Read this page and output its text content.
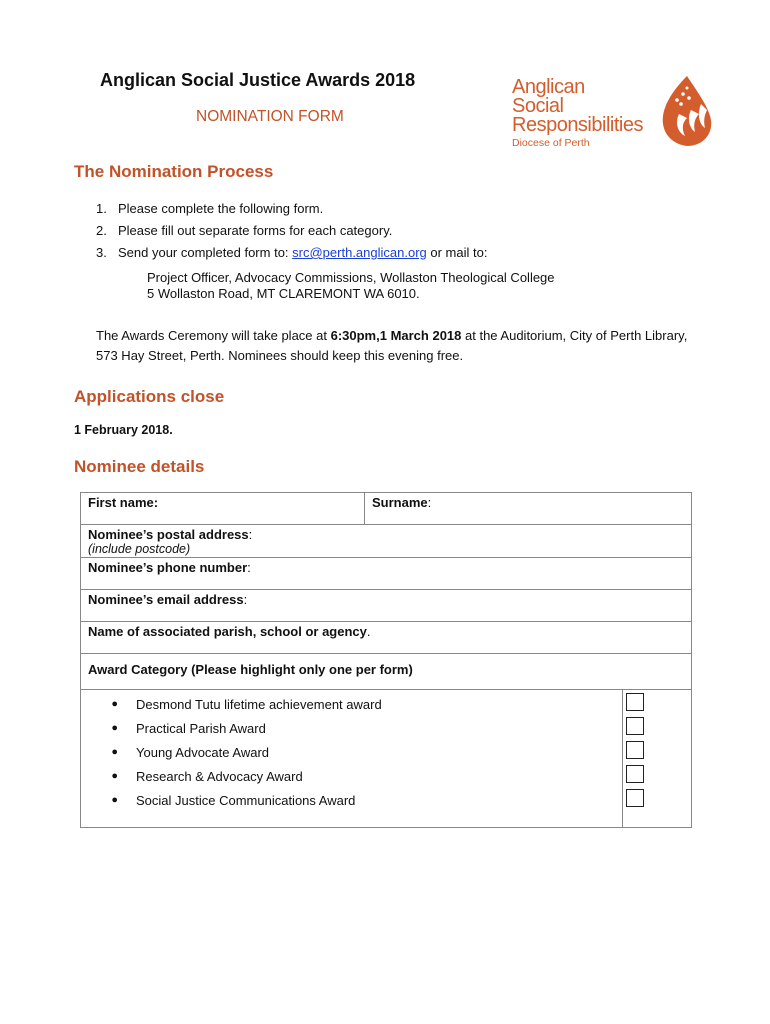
Anglican Social Justice Awards 2018
NOMINATION FORM
Anglican
Social
Responsibilities
Diocese of Perth
The Nomination Process
1. Please complete the following form.
2. Please fill out separate forms for each category.
3. Send your completed form to: src@perth.anglican.org or mail to:
Project Officer, Advocacy Commissions, Wollaston Theological College
5 Wollaston Road, MT CLAREMONT WA 6010.
The Awards Ceremony will take place at 6:30pm,1 March 2018 at the Auditorium, City of Perth Library, 573 Hay Street, Perth. Nominees should keep this evening free.
Applications close
1 February 2018.
Nominee details
First name:	Surname:
Nominee’s postal address:
(include postcode)
Nominee’s phone number:
Nominee’s email address:
Name of associated parish, school or agency.
Award Category (Please highlight only one per form)
●	Desmond Tutu lifetime achievement award
●	Practical Parish Award
●	Young Advocate Award
●	Research & Advocacy Award
●	Social Justice Communications Award
